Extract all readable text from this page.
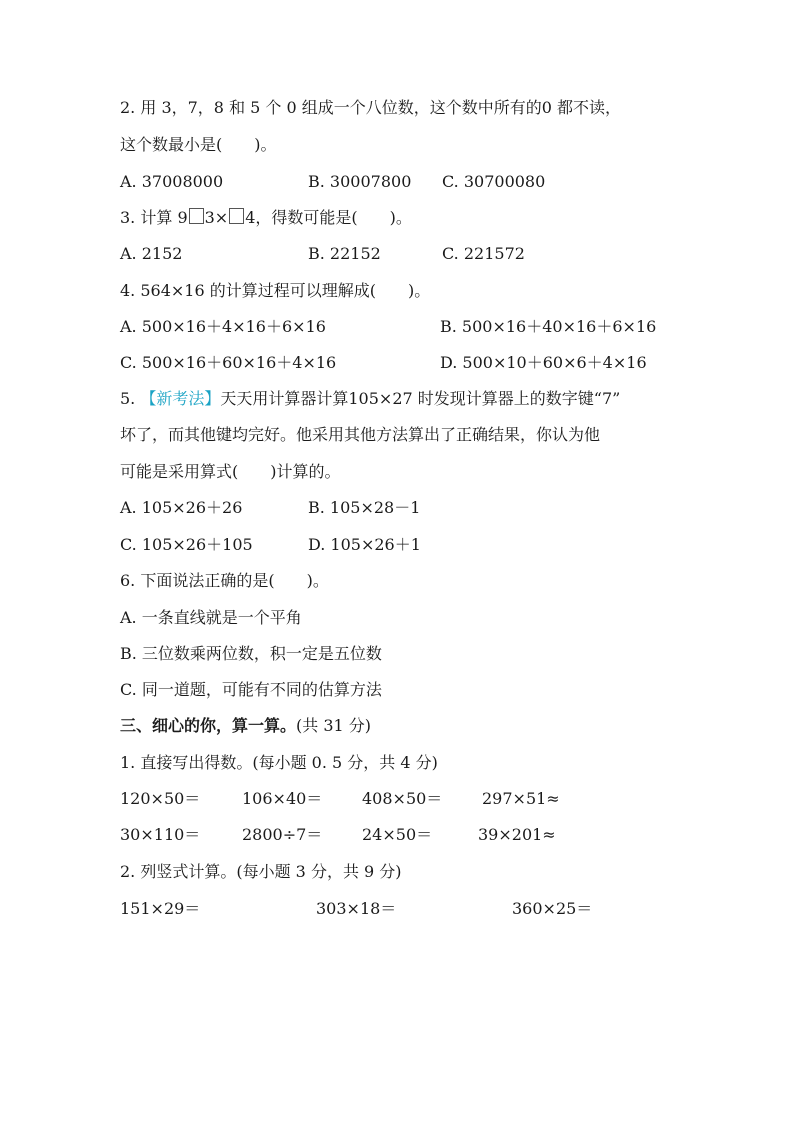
2. 用 3，7，8 和 5 个 0 组成一个八位数，这个数中所有的0 都不读，
这个数最小是(　　)。
A. 37008000	B. 30007800 C. 30700080
3. 计算 9 3× 4，得数可能是(　　)。
A. 2152	B. 22152	C. 221572
4. 564×16 的计算过程可以理解成(　　)。
A. 500×16＋4×16＋6×16	B. 500×16＋40×16＋6×16
C. 500×16＋60×16＋4×16	D. 500×10＋60×6＋4×16
5. 【新考法】天天用计算器计算105×27 时发现计算器上的数字键“7”
坏了，而其他键均完好。他采用其他方法算出了正确结果，你认为他
可能是采用算式(　　)计算的。
A. 105×26＋26	B. 105×28－1
C. 105×26＋105	D. 105×26＋1
6. 下面说法正确的是(　　)。
A. 一条直线就是一个平角
B. 三位数乘两位数，积一定是五位数
C. 同一道题，可能有不同的估算方法
三、细心的你，算一算。(共 31 分)
1. 直接写出得数。(每小题 0. 5 分，共 4 分)
120×50＝	106×40＝ 408×50＝ 297×51≈
30×110＝	2800÷7＝ 24×50＝	39×201≈
2. 列竖式计算。(每小题 3 分，共 9 分)
151×29＝	303×18＝	360×25＝
